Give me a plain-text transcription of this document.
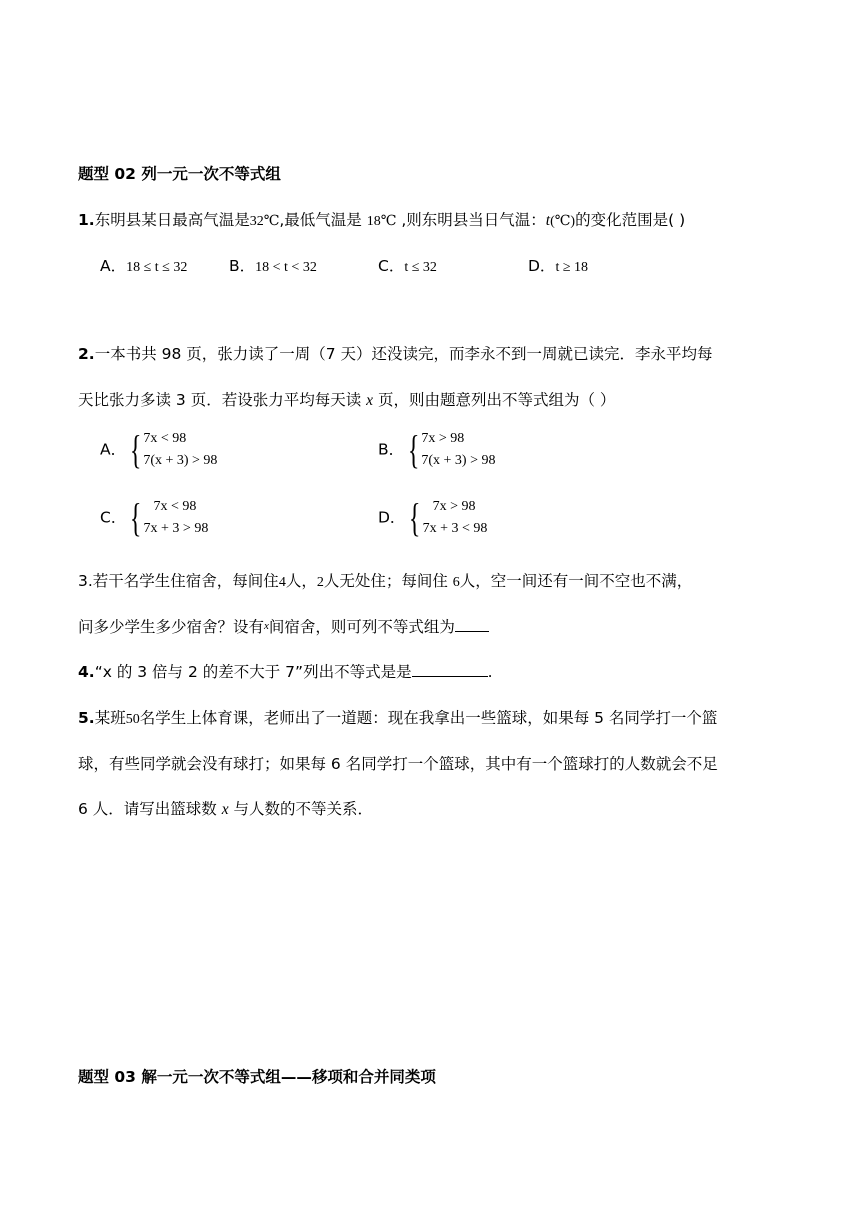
题型 02 列一元一次不等式组
1.东明县某日最高气温是32℃,最低气温是 18℃ ,则东明县当日气温：t(℃)的变化范围是( )
A．18 ≤ t ≤ 32	B．18 < t < 32	C．t ≤ 32	D．t ≥ 18
2.一本书共 98 页，张力读了一周（7 天）还没读完，而李永不到一周就已读完．李永平均每
天比张力多读 3 页．若设张力平均每天读 x 页，则由题意列出不等式组为（ ）
A． { 7x < 98
7(x + 3) > 98
B． { 7x > 98
7(x + 3) > 98
C． { 7x < 98
7x + 3 > 98
D． { 7x > 98
7x + 3 < 98
3.若干名学生住宿舍，每间住4人，2人无处住；每间住 6人，空一间还有一间不空也不满，
问多少学生多少宿舍？设有x间宿舍，则可列不等式组为
4.“x 的 3 倍与 2 的差不大于 7”列出不等式是是	.
5.某班50名学生上体育课，老师出了一道题：现在我拿出一些篮球，如果每 5 名同学打一个篮
球，有些同学就会没有球打；如果每 6 名同学打一个篮球，其中有一个篮球打的人数就会不足
6 人．请写出篮球数 x 与人数的不等关系．
题型 03 解一元一次不等式组——移项和合并同类项
